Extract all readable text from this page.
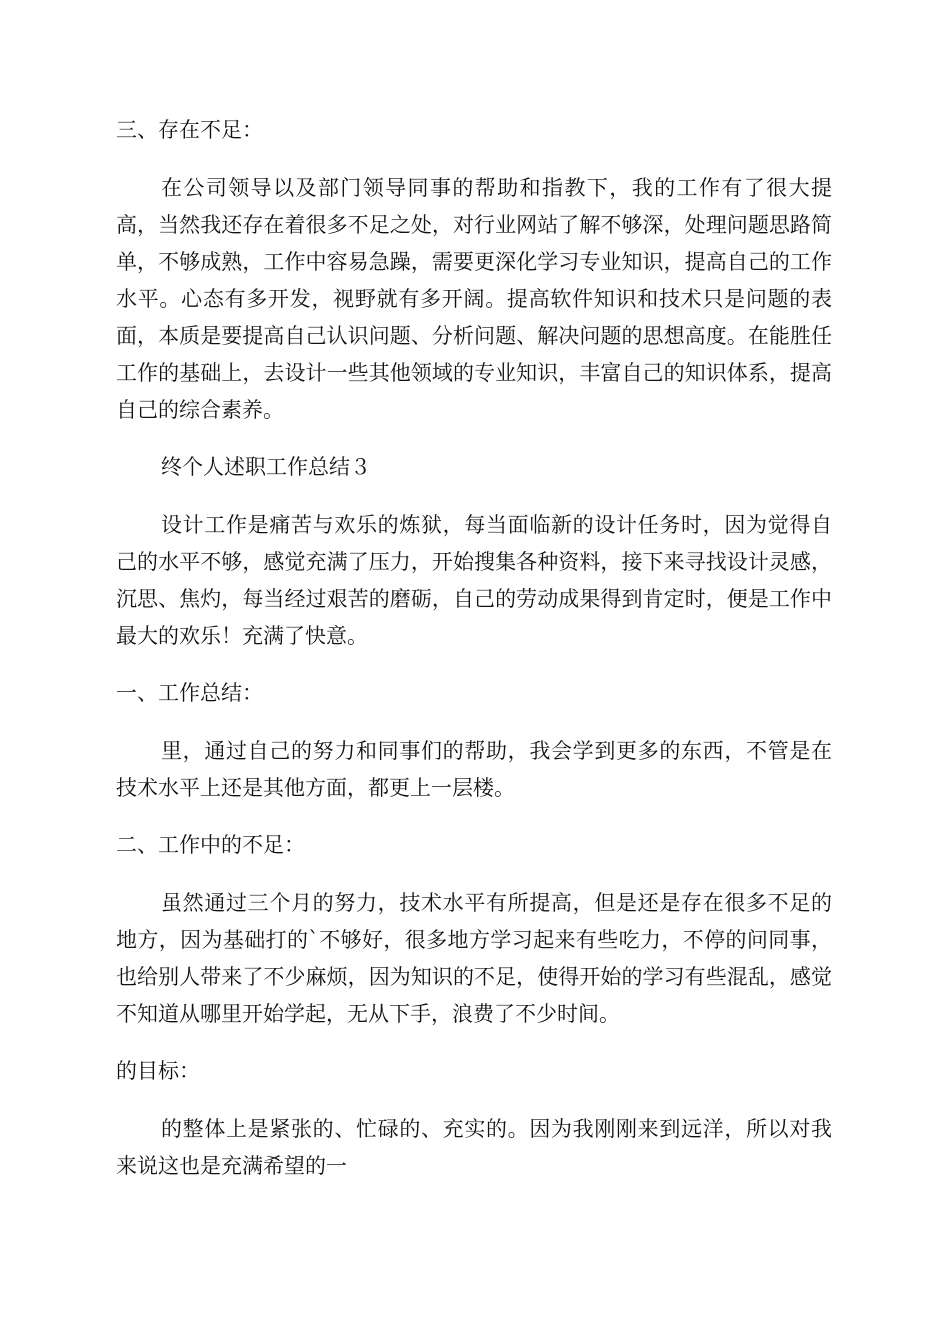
三、存在不足：

在公司领导以及部门领导同事的帮助和指教下，我的工作有了很大提高，当然我还存在着很多不足之处，对行业网站了解不够深，处理问题思路简单，不够成熟，工作中容易急躁，需要更深化学习专业知识，提高自己的工作水平。心态有多开发，视野就有多开阔。提高软件知识和技术只是问题的表面，本质是要提高自己认识问题、分析问题、解决问题的思想高度。在能胜任工作的基础上，去设计一些其他领域的专业知识，丰富自己的知识体系，提高自己的综合素养。

终个人述职工作总结３

设计工作是痛苦与欢乐的炼狱，每当面临新的设计任务时，因为觉得自己的水平不够，感觉充满了压力，开始搜集各种资料，接下来寻找设计灵感，沉思、焦灼，每当经过艰苦的磨砺，自己的劳动成果得到肯定时，便是工作中最大的欢乐！充满了快意。

一、工作总结：

里，通过自己的努力和同事们的帮助，我会学到更多的东西，不管是在技术水平上还是其他方面，都更上一层楼。

二、工作中的不足：

虽然通过三个月的努力，技术水平有所提高，但是还是存在很多不足的地方，因为基础打的`不够好，很多地方学习起来有些吃力，不停的问同事，也给别人带来了不少麻烦，因为知识的不足，使得开始的学习有些混乱，感觉不知道从哪里开始学起，无从下手，浪费了不少时间。

的目标：

的整体上是紧张的、忙碌的、充实的。因为我刚刚来到远洋，所以对我来说这也是充满希望的一
